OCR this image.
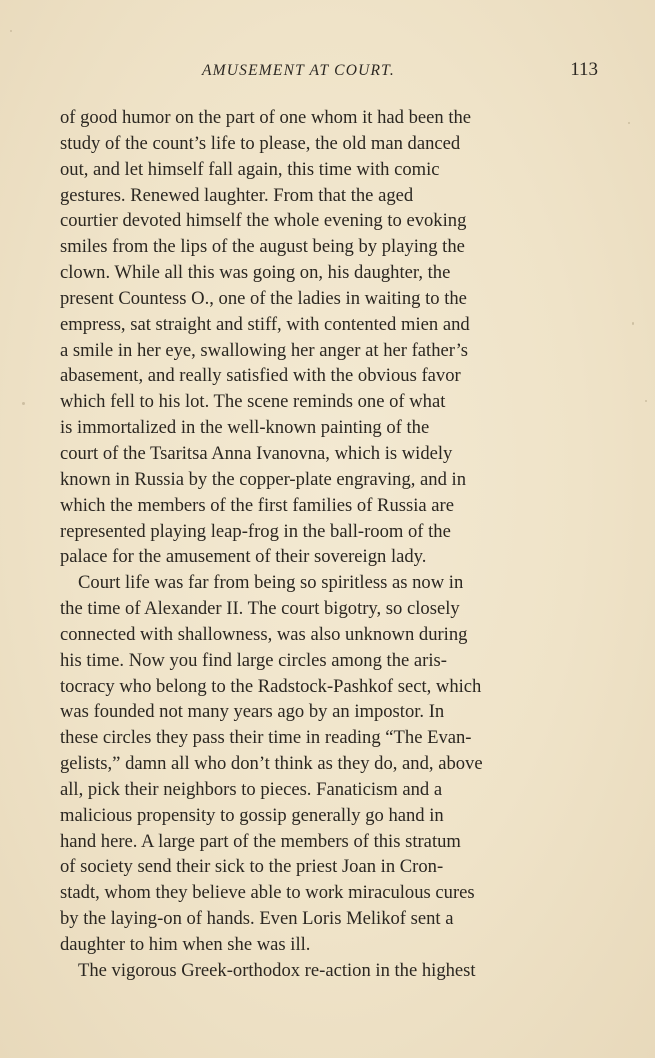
AMUSEMENT AT COURT.	113
of good humor on the part of one whom it had been the
study of the count’s life to please, the old man danced
out, and let himself fall again, this time with comic
gestures. Renewed laughter. From that the aged
courtier devoted himself the whole evening to evoking
smiles from the lips of the august being by playing the
clown. While all this was going on, his daughter, the
present Countess O., one of the ladies in waiting to the
empress, sat straight and stiff, with contented mien and
a smile in her eye, swallowing her anger at her father’s
abasement, and really satisfied with the obvious favor
which fell to his lot. The scene reminds one of what
is immortalized in the well-known painting of the
court of the Tsaritsa Anna Ivanovna, which is widely
known in Russia by the copper-plate engraving, and in
which the members of the first families of Russia are
represented playing leap-frog in the ball-room of the
palace for the amusement of their sovereign lady.
Court life was far from being so spiritless as now in
the time of Alexander II. The court bigotry, so closely
connected with shallowness, was also unknown during
his time. Now you find large circles among the aris-
tocracy who belong to the Radstock-Pashkof sect, which
was founded not many years ago by an impostor. In
these circles they pass their time in reading “The Evan-
gelists,” damn all who don’t think as they do, and, above
all, pick their neighbors to pieces. Fanaticism and a
malicious propensity to gossip generally go hand in
hand here. A large part of the members of this stratum
of society send their sick to the priest Joan in Cron-
stadt, whom they believe able to work miraculous cures
by the laying-on of hands. Even Loris Melikof sent a
daughter to him when she was ill.
The vigorous Greek-orthodox re-action in the highest
